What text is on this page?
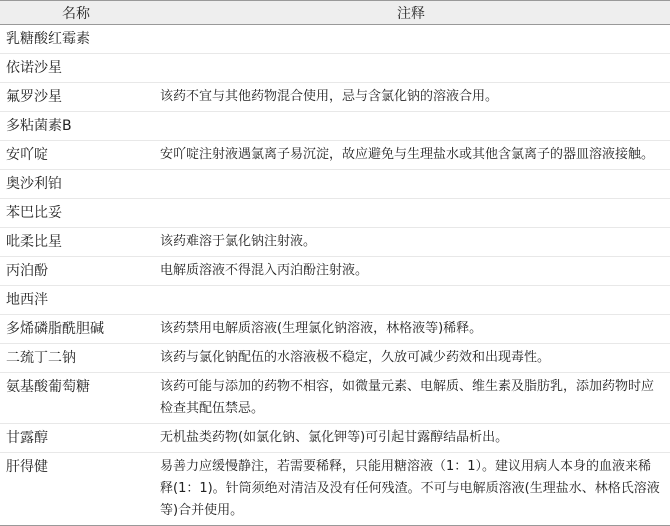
名称	注释
乳糖酸红霉素	
依诺沙星	
氟罗沙星	该药不宜与其他药物混合使用，忌与含氯化钠的溶液合用。
多粘菌素B	
安吖啶	安吖啶注射液遇氯离子易沉淀，故应避免与生理盐水或其他含氯离子的器皿溶液接触。
奥沙利铂	
苯巴比妥	
吡柔比星	该药难溶于氯化钠注射液。
丙泊酚	电解质溶液不得混入丙泊酚注射液。
地西泮	
多烯磷脂酰胆碱	该药禁用电解质溶液(生理氯化钠溶液，林格液等)稀释。
二巯丁二钠	该药与氯化钠配伍的水溶液极不稳定，久放可减少药效和出现毒性。
氨基酸葡萄糖	该药可能与添加的药物不相容，如微量元素、电解质、维生素及脂肪乳，添加药物时应检查其配伍禁忌。
甘露醇	无机盐类药物(如氯化钠、氯化钾等)可引起甘露醇结晶析出。
肝得健	易善力应缓慢静注，若需要稀释，只能用糖溶液（1：1）。建议用病人本身的血液来稀释(1：1)。针筒须绝对清洁及没有任何残渣。不可与电解质溶液(生理盐水、林格氏溶液等)合并使用。
